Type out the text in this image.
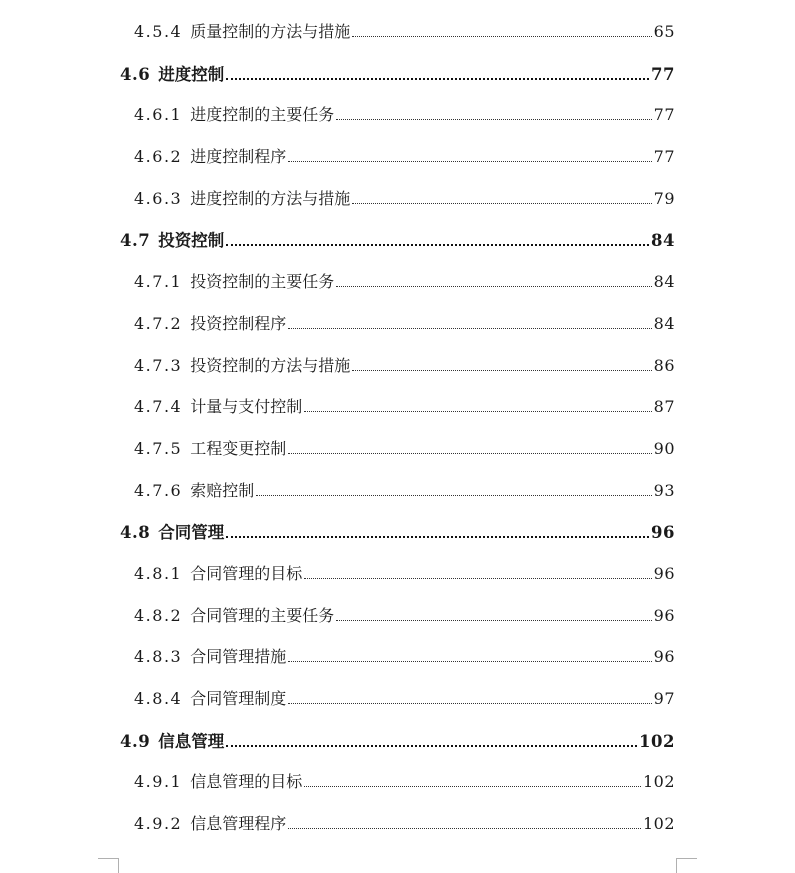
4.5.4 质量控制的方法与措施	65
4.6 进度控制	77
4.6.1 进度控制的主要任务	77
4.6.2 进度控制程序	77
4.6.3 进度控制的方法与措施	79
4.7 投资控制	84
4.7.1 投资控制的主要任务	84
4.7.2 投资控制程序	84
4.7.3 投资控制的方法与措施	86
4.7.4 计量与支付控制	87
4.7.5 工程变更控制	90
4.7.6 索赔控制	93
4.8 合同管理	96
4.8.1 合同管理的目标	96
4.8.2 合同管理的主要任务	96
4.8.3 合同管理措施	96
4.8.4 合同管理制度	97
4.9 信息管理	102
4.9.1 信息管理的目标	102
4.9.2 信息管理程序	102
